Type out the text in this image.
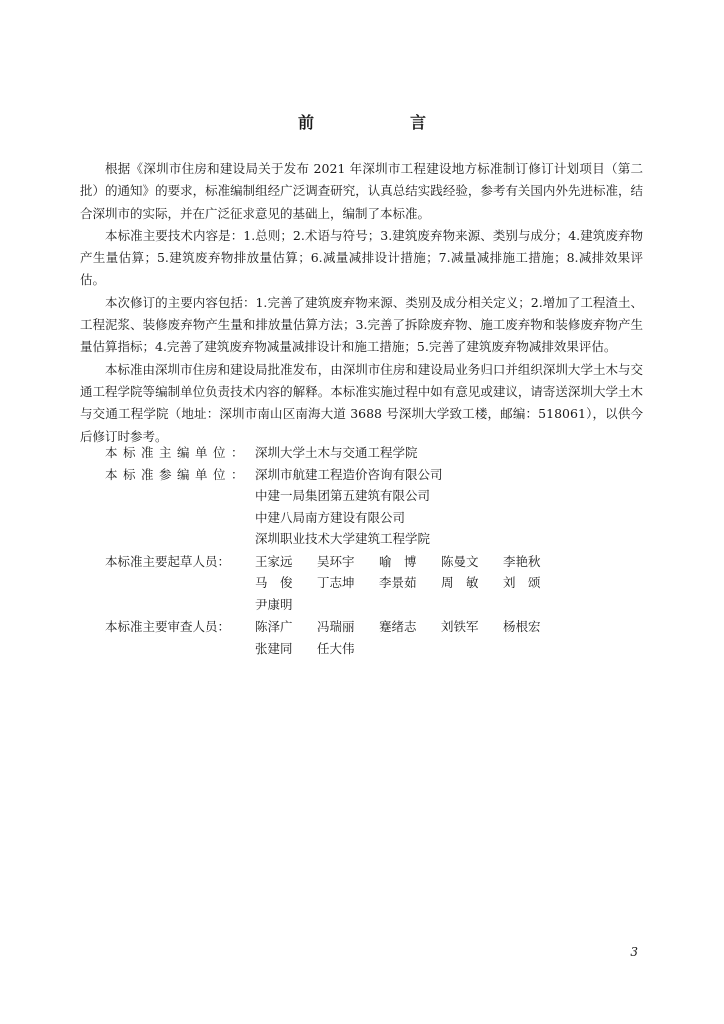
前　言

根据《深圳市住房和建设局关于发布 2021 年深圳市工程建设地方标准制订修订计划项目（第二批）的通知》的要求，标准编制组经广泛调查研究，认真总结实践经验，参考有关国内外先进标准，结合深圳市的实际，并在广泛征求意见的基础上，编制了本标准。

本标准主要技术内容是：1.总则；2.术语与符号；3.建筑废弃物来源、类别与成分；4.建筑废弃物产生量估算；5.建筑废弃物排放量估算；6.减量减排设计措施；7.减量减排施工措施；8.减排效果评估。

本次修订的主要内容包括：1.完善了建筑废弃物来源、类别及成分相关定义；2.增加了工程渣土、工程泥浆、装修废弃物产生量和排放量估算方法；3.完善了拆除废弃物、施工废弃物和装修废弃物产生量估算指标；4.完善了建筑废弃物减量减排设计和施工措施；5.完善了建筑废弃物减排效果评估。

本标准由深圳市住房和建设局批准发布，由深圳市住房和建设局业务归口并组织深圳大学土木与交通工程学院等编制单位负责技术内容的解释。本标准实施过程中如有意见或建议，请寄送深圳大学土木与交通工程学院（地址：深圳市南山区南海大道 3688 号深圳大学致工楼，邮编：518061），以供今后修订时参考。

本标准主编单位： 深圳大学土木与交通工程学院
本标准参编单位： 深圳市航建工程造价咨询有限公司
中建一局集团第五建筑有限公司
中建八局南方建设有限公司
深圳职业技术大学建筑工程学院
本标准主要起草人员：	王家远	吴环宇	喻　博	陈曼文	李艳秋
马　俊	丁志坤	李景茹	周　敏	刘　颂
尹康明
本标准主要审查人员：	陈泽广	冯瑞丽	蹇绪志	刘铁军	杨根宏
张建同	任大伟
3
